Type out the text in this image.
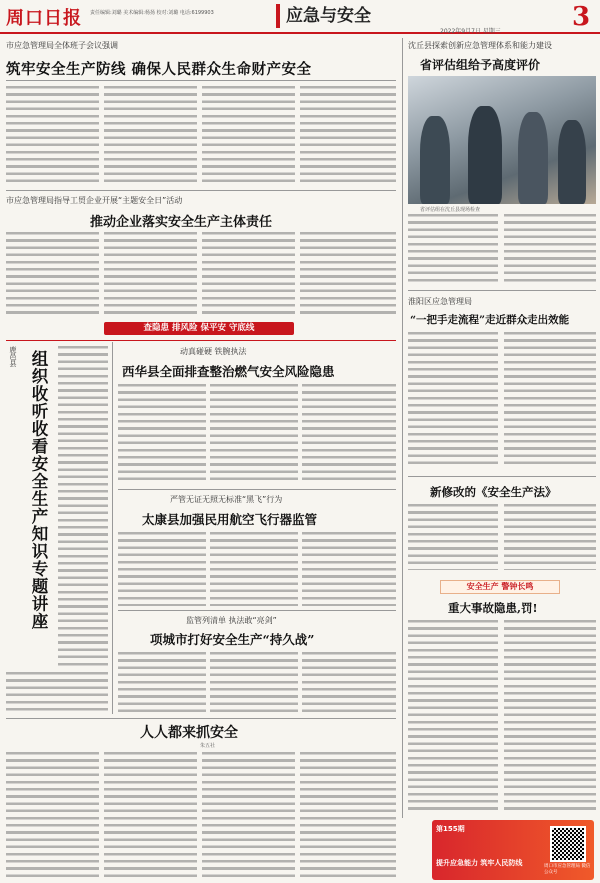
周口日报	责任编辑:刘璐 美术编辑:杨扬 校对:刘璐 电话:6199903	应急与安全
2022年9月7日 星期三	3
市应急管理局全体班子会议强调
筑牢安全生产防线 确保人民群众生命财产安全
沈丘县探索创新应急管理体系和能力建设
省评估组给予高度评价
省评估组在沈丘县现场检查
市应急管理局指导工贸企业开展“主题安全日”活动
推动企业落实安全生产主体责任
淮阳区应急管理局
“一把手走流程”走近群众走出效能
查隐患 排风险 保平安 守底线
鹿邑县 组织收听收看安全生产知识专题讲座	动真碰硬 铁腕执法
西华县全面排查整治燃气安全风险隐患
严管无证无照无标准“黑飞”行为
太康县加强民用航空飞行器监管
监管列清单 执法敢“亮剑”
项城市打好安全生产“持久战”
新修改的《安全生产法》
安全生产 警钟长鸣
重大事故隐患,罚!
人人都来抓安全
朱五社
第155期
提升应急能力 筑牢人民防线	周口市应急管理局 微信公众号
